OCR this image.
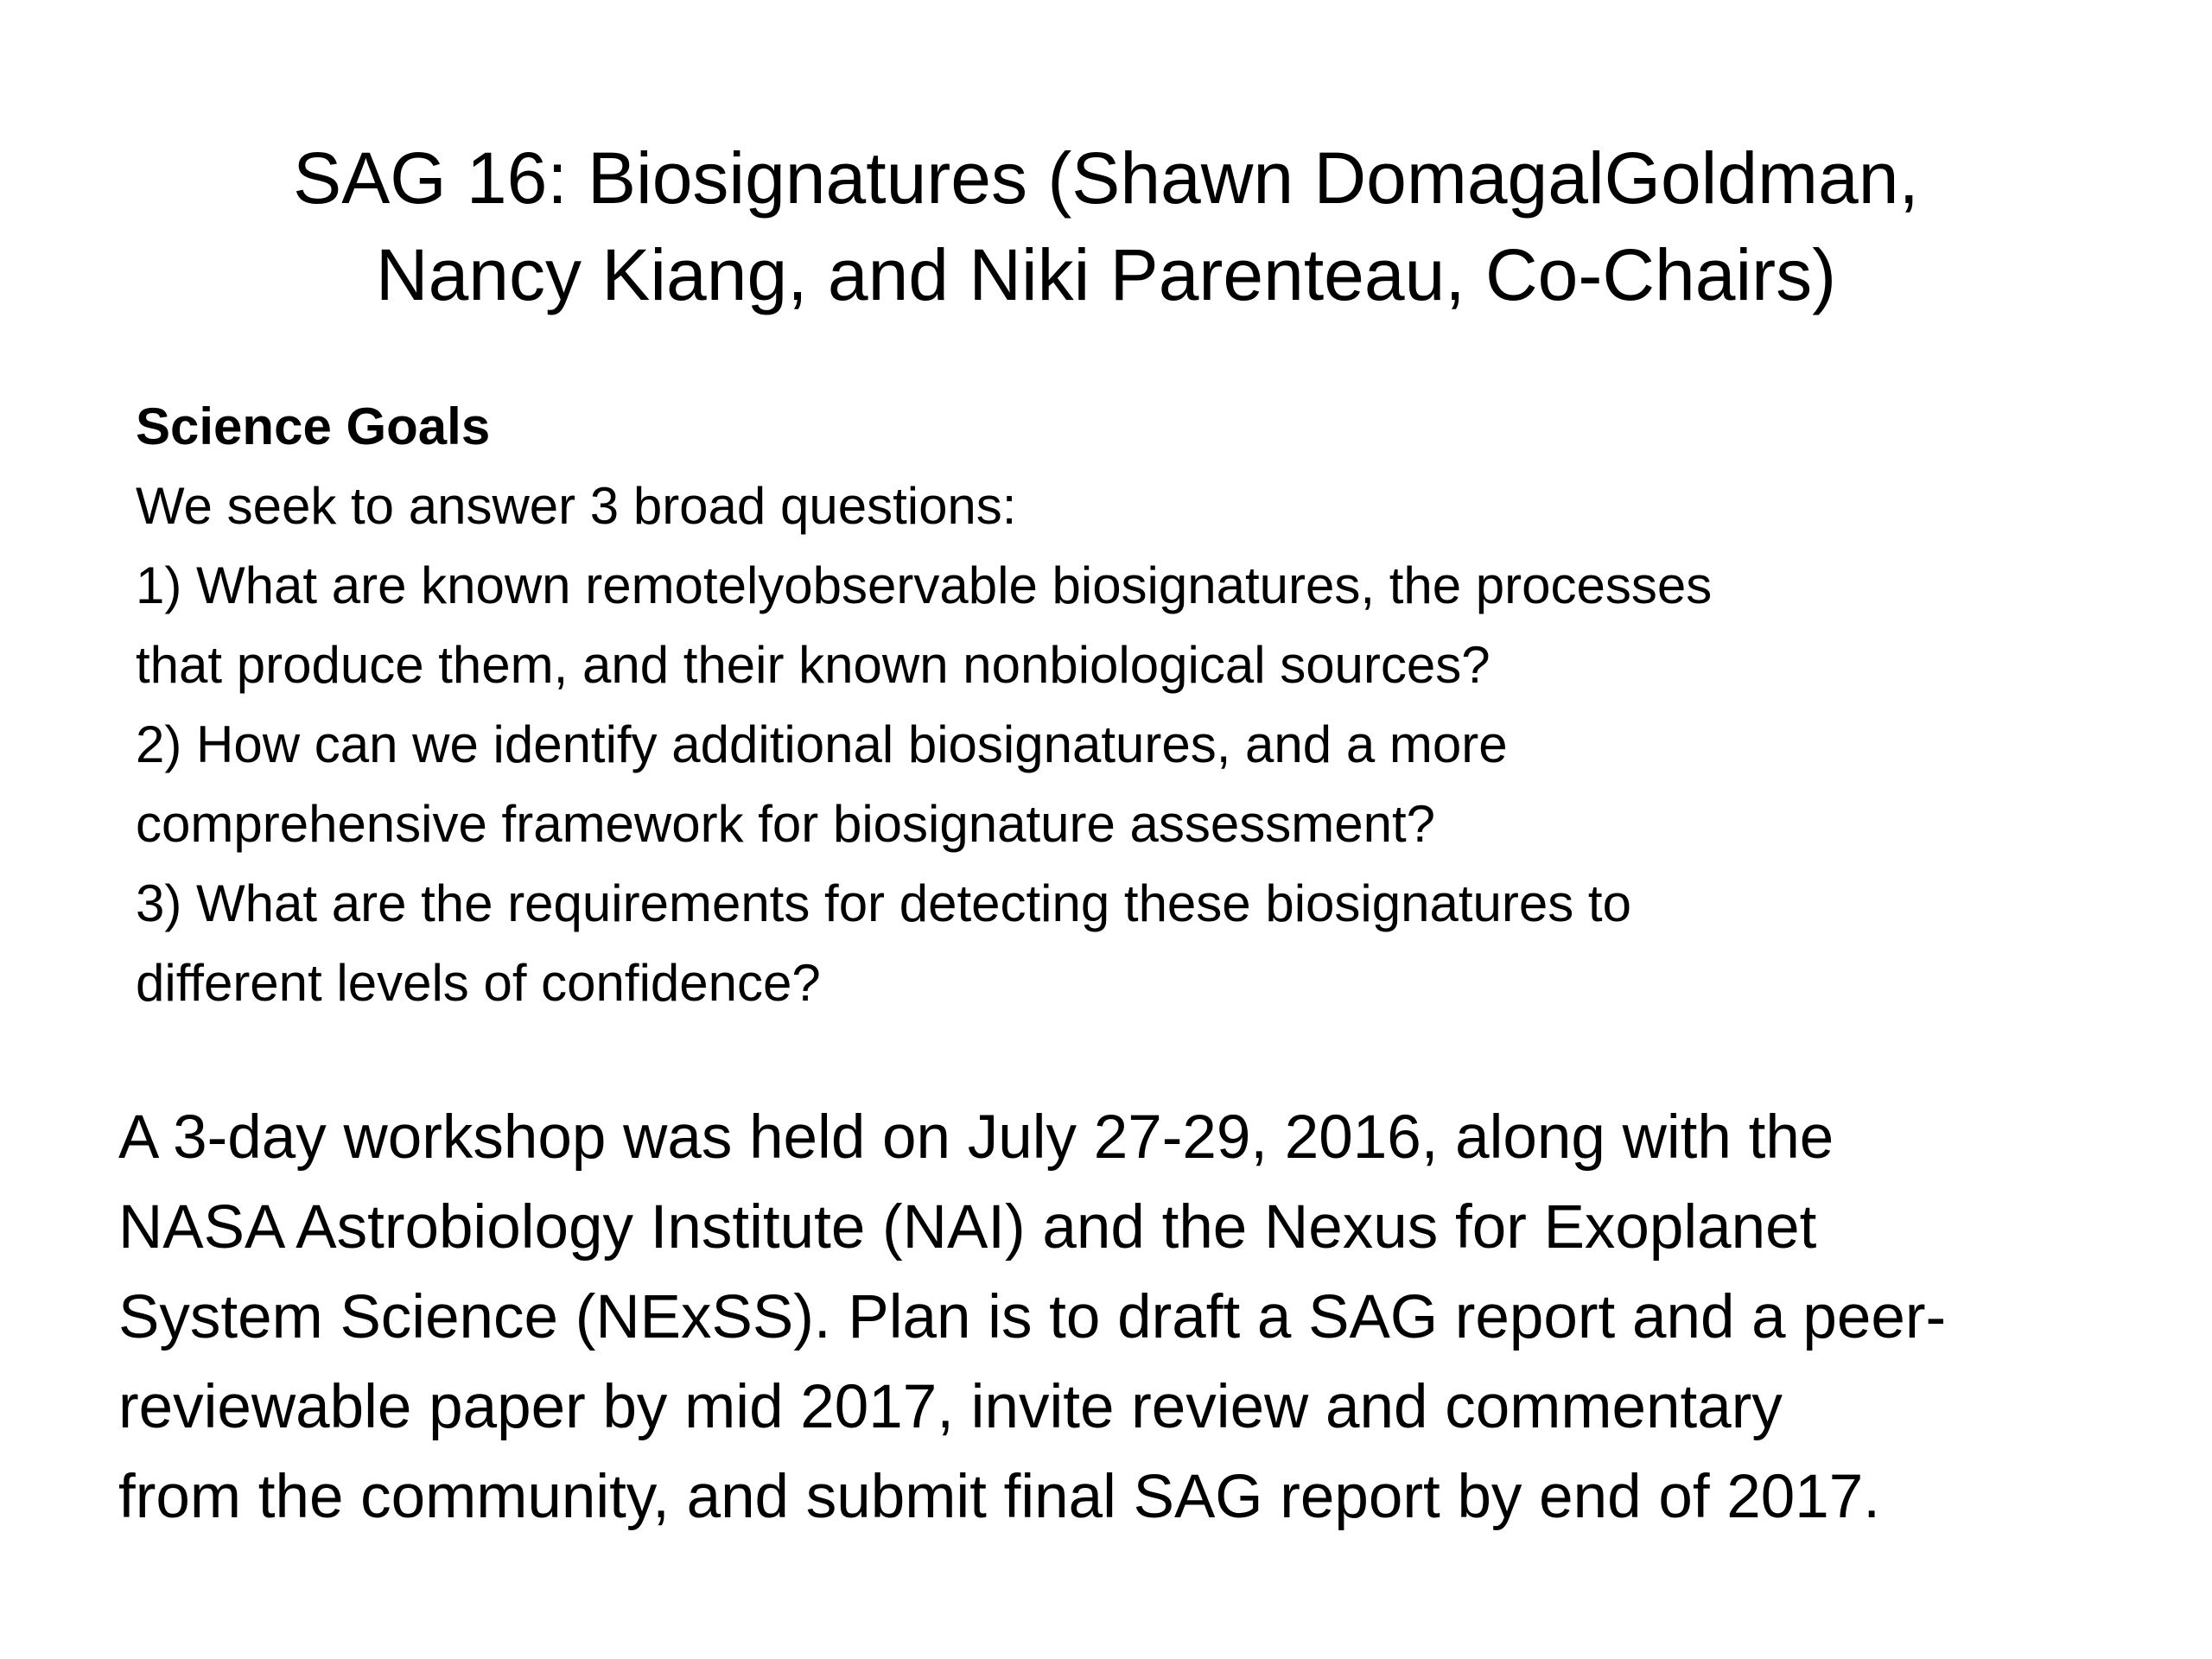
SAG 16: Biosignatures (Shawn DomagalGoldman,
Nancy Kiang, and Niki Parenteau, Co-Chairs)
Science Goals
We seek to answer 3 broad questions:
1) What are known remotelyobservable biosignatures, the processes
that produce them, and their known nonbiological sources?
2) How can we identify additional biosignatures, and a more
comprehensive framework for biosignature assessment?
3) What are the requirements for detecting these biosignatures to
different levels of confidence?
A 3-day workshop was held on July 27-29, 2016, along with the
NASA Astrobiology Institute (NAI) and the Nexus for Exoplanet
System Science (NExSS). Plan is to draft a SAG report and a peer-
reviewable paper by mid 2017, invite review and commentary
from the community, and submit final SAG report by end of 2017.
